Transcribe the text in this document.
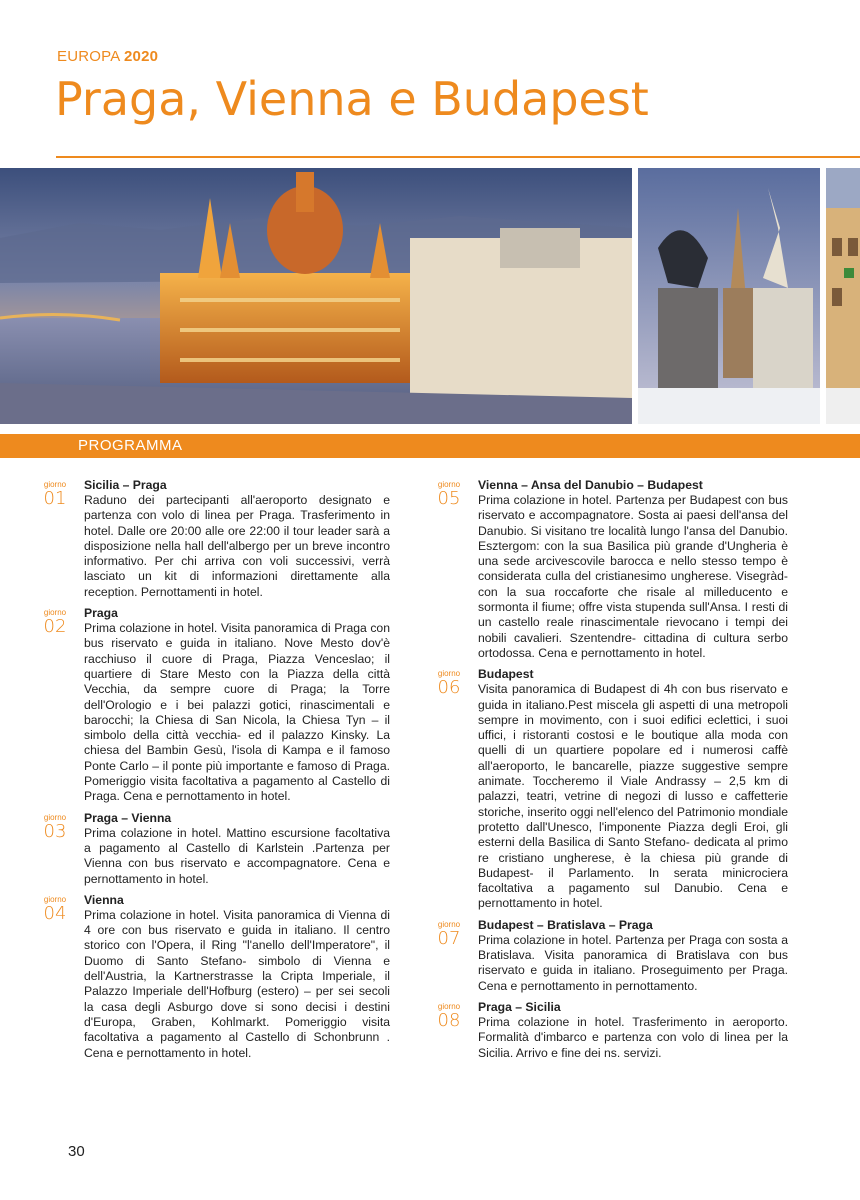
EUROPA 2020
Praga, Vienna e Budapest
PROGRAMMA
giorno
01
Sicilia – Praga

Raduno dei partecipanti all'aeroporto designato e partenza con volo di linea per Praga. Trasferimento in hotel. Dalle ore 20:00 alle ore 22:00 il tour leader sarà a disposizione nella hall dell'albergo per un breve incontro informativo. Per chi arriva con voli successivi, verrà lasciato un kit di informazioni direttamente alla reception. Pernottamenti in hotel.

giorno
02
Praga

Prima colazione in hotel. Visita panoramica di Praga con bus riservato e guida in italiano. Nove Mesto dov'è racchiuso il cuore di Praga, Piazza Venceslao; il quartiere di Stare Mesto con la Piazza della città Vecchia, da sempre cuore di Praga; la Torre dell'Orologio e i bei palazzi gotici, rinascimentali e barocchi; la Chiesa di San Nicola, la Chiesa Tyn – il simbolo della città vecchia- ed il palazzo Kinsky. La chiesa del Bambin Gesù, l'isola di Kampa e il famoso Ponte Carlo – il ponte più importante e famoso di Praga. Pomeriggio visita facoltativa a pagamento al Castello di Praga. Cena e pernottamento in hotel.

giorno
03
Praga – Vienna

Prima colazione in hotel. Mattino escursione facoltativa a pagamento al Castello di Karlstein .Partenza per Vienna con bus riservato e accompagnatore. Cena e pernottamento in hotel.

giorno
04
Vienna

Prima colazione in hotel. Visita panoramica di Vienna di 4 ore con bus riservato e guida in italiano. Il centro storico con l'Opera, il Ring "l'anello dell'Imperatore", il Duomo di Santo Stefano- simbolo di Vienna e dell'Austria, la Kartnerstrasse la Cripta Imperiale, il Palazzo Imperiale dell'Hofburg (estero) – per sei secoli la casa degli Asburgo dove si sono decisi i destini d'Europa, Graben, Kohlmarkt. Pomeriggio visita facoltativa a pagamento al Castello di Schonbrunn . Cena e pernottamento in hotel.

giorno
05
Vienna – Ansa del Danubio – Budapest

Prima colazione in hotel. Partenza per Budapest con bus riservato e accompagnatore. Sosta ai paesi dell'ansa del Danubio. Si visitano tre località lungo l'ansa del Danubio. Esztergom: con la sua Basilica più grande d'Ungheria è una sede arcivescovile barocca e nello stesso tempo è considerata culla del cristianesimo ungherese. Visegràd- con la sua roccaforte che risale al milleducento e sormonta il fiume; offre vista stupenda sull'Ansa. I resti di un castello reale rinascimentale rievocano i tempi dei nobili cavalieri. Szentendre- cittadina di cultura serbo ortodossa. Cena e pernottamento in hotel.

giorno
06
Budapest

Visita panoramica di Budapest di 4h con bus riservato e guida in italiano.Pest miscela gli aspetti di una metropoli sempre in movimento, con i suoi edifici eclettici, i suoi uffici, i ristoranti costosi e le boutique alla moda con quelli di un quartiere popolare ed i numerosi caffè all'aeroporto, le bancarelle, piazze suggestive sempre animate. Toccheremo il Viale Andrassy – 2,5 km di palazzi, teatri, vetrine di negozi di lusso e caffetterie storiche, inserito oggi nell'elenco del Patrimonio mondiale protetto dall'Unesco, l'imponente Piazza degli Eroi, gli esterni della Basilica di Santo Stefano- dedicata al primo re cristiano ungherese, è la chiesa più grande di Budapest- il Parlamento. In serata minicrociera facoltativa a pagamento sul Danubio. Cena e pernottamento in hotel.

giorno
07
Budapest – Bratislava – Praga

Prima colazione in hotel. Partenza per Praga con sosta a Bratislava. Visita panoramica di Bratislava con bus riservato e guida in italiano. Proseguimento per Praga. Cena e pernottamento in pernottamento.

giorno
08
Praga – Sicilia

Prima colazione in hotel. Trasferimento in aeroporto. Formalità d'imbarco e partenza con volo di linea per la Sicilia. Arrivo e fine dei ns. servizi.

30
